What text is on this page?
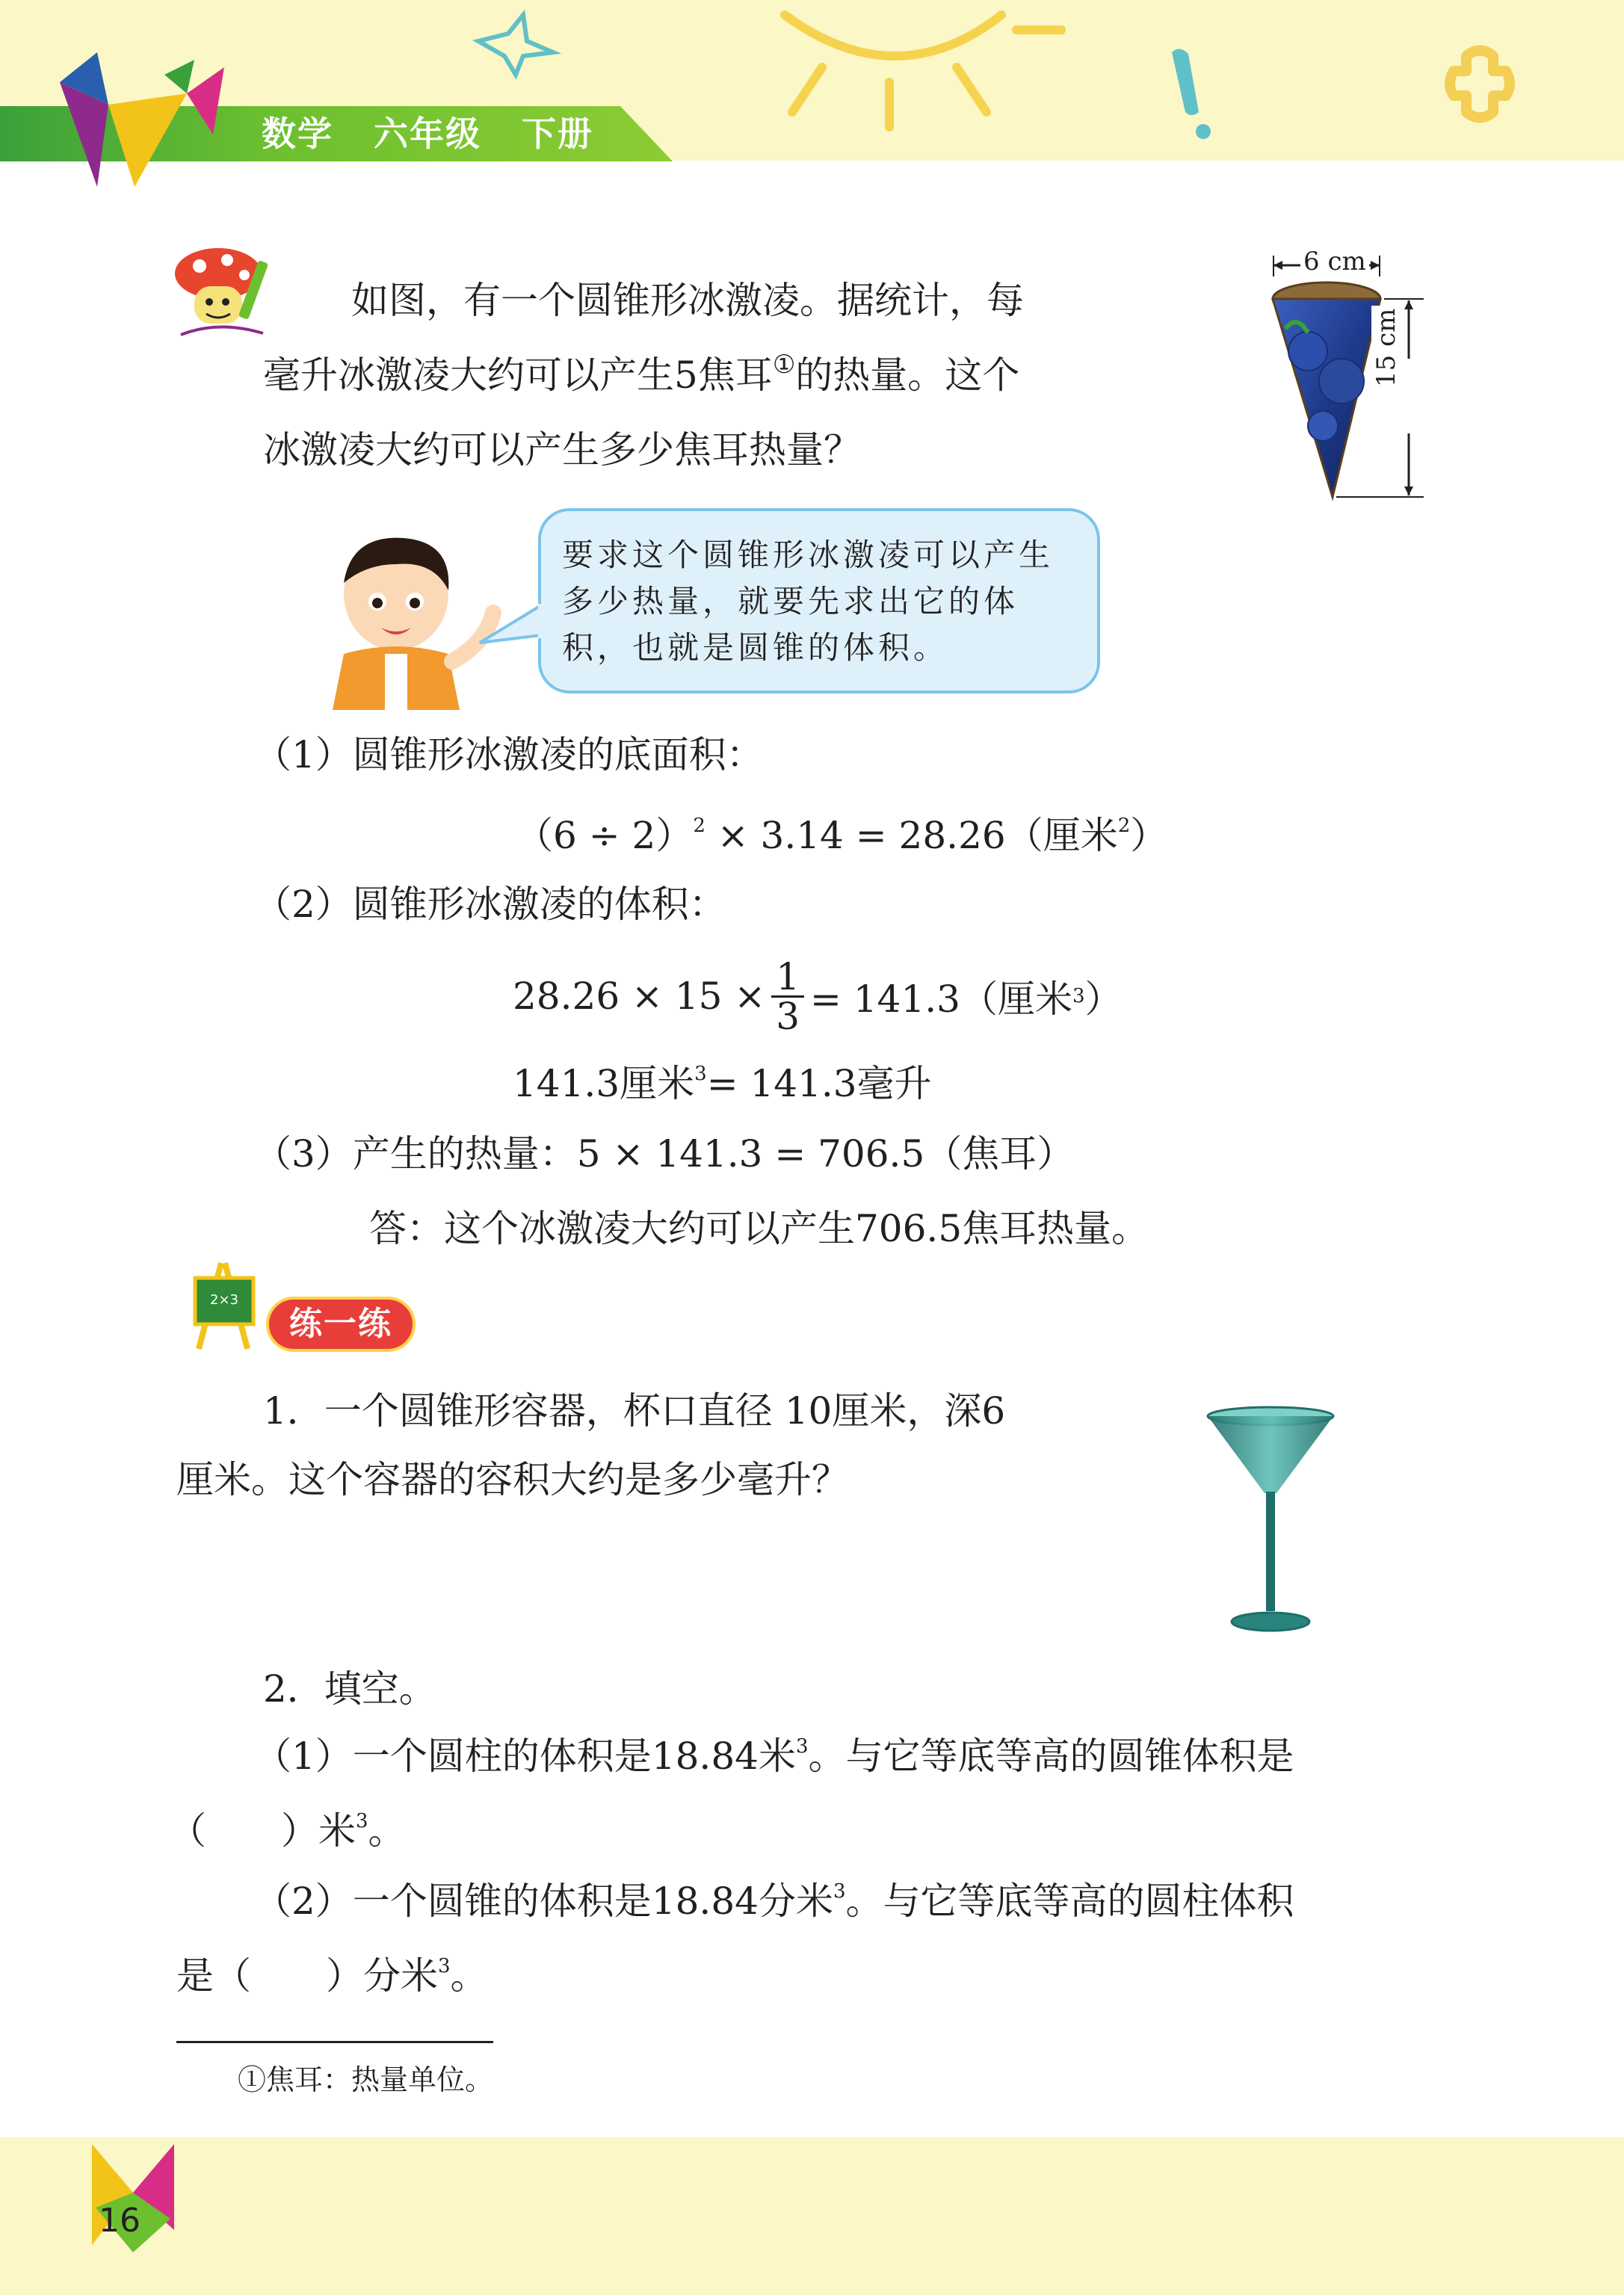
数学 六年级 下册
如图，有一个圆锥形冰激凌。据统计，每
毫升冰激凌大约可以产生5焦耳①的热量。这个
冰激凌大约可以产生多少焦耳热量？
6 cm
15 cm
要求这个圆锥形冰激凌可以产生多少热量，就要先求出它的体积，也就是圆锥的体积。
（1）圆锥形冰激凌的底面积：
$(6 \div 2)^2 \times 3.14 = 28.26$（厘米$^2$）
（2）圆锥形冰激凌的体积：
$28.26 \times 15 \times \frac{1}{3} = 141.3$（厘米 3 ）
141.3厘米$^3$= 141.3毫升
（3）产生的热量：5 × 141.3 = 706.5（焦耳）
答：这个冰激凌大约可以产生706.5焦耳热量。
2×3
练一练
1．一个圆锥形容器，杯口直径 10厘米，深6
厘米。这个容器的容积大约是多少毫升？
2．填空。
（1）一个圆柱的体积是18.84米$^3$。与它等底等高的圆锥体积是
（　　）米$^3$。
（2）一个圆锥的体积是18.84分米$^3$。与它等底等高的圆柱体积
是（　　）分米$^3$。
①焦耳：热量单位。
16
